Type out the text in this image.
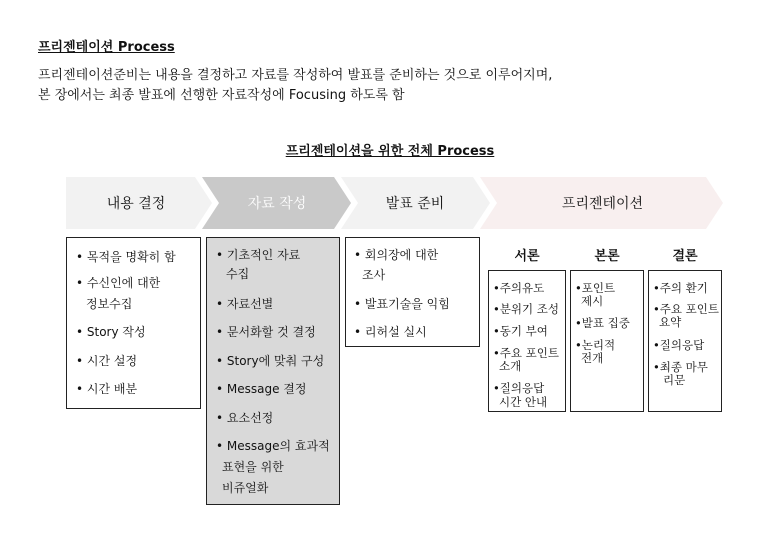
프리젠테이션 Process
프리젠테이션준비는 내용을 결정하고 자료를 작성하여 발표를 준비하는 것으로 이루어지며,
본 장에서는 최종 발표에 선행한 자료작성에 Focusing 하도록 함
프리젠테이션을 위한 전체 Process
내용 결정	자료 작성	발표 준비	프리젠테이션
• 목적을 명확히 함
• 수신인에 대한
정보수집
• Story 작성
• 시간 설정
• 시간 배분
• 기초적인 자료
수집
• 자료선별
• 문서화할 것 결정
• Story에 맞춰 구성
• Message 결정
• 요소선정
• Message의 효과적
표현을 위한
비쥬얼화
• 회의장에 대한
조사
• 발표기술을 익힘
• 리허설 실시
서론	본론	결론
•주의유도
•분위기 조성
•동기 부여
•주요 포인트
소개
•질의응답
시간 안내
•포인트
제시
•발표 집중
•논리적
전개
•주의 환기
•주요 포인트
요약
•질의응답
•최종 마무
리문
